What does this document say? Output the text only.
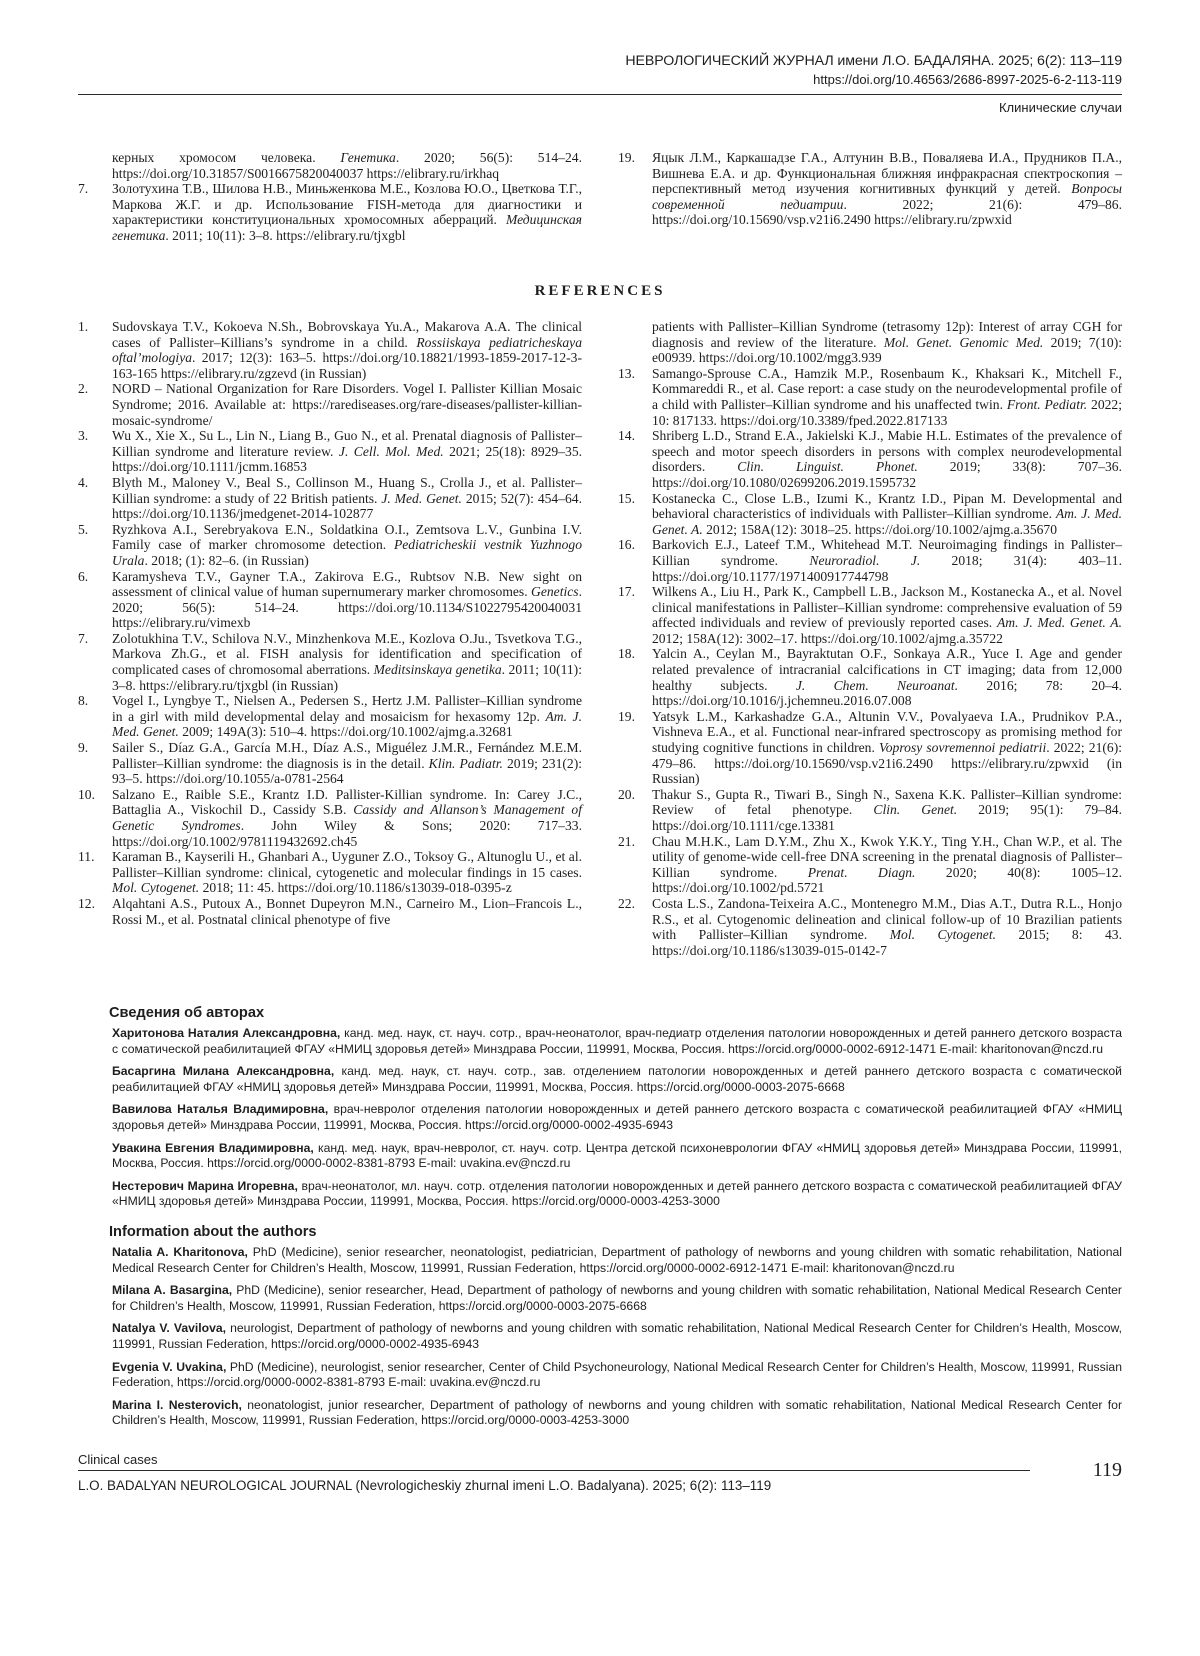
НЕВРОЛОГИЧЕСКИЙ ЖУРНАЛ имени Л.О. БАДАЛЯНА. 2025; 6(2): 113–119
https://doi.org/10.46563/2686-8997-2025-6-2-113-119
Клинические случаи
керных хромосом человека. Генетика. 2020; 56(5): 514–24. https://doi.org/10.31857/S0016675820040037 https://elibrary.ru/irkhaq
7.	Золотухина Т.В., Шилова Н.В., Миньженкова М.Е., Козлова Ю.О., Цветкова Т.Г., Маркова Ж.Г. и др. Использование FISH-метода для диагностики и характеристики конституциональных хромосомных аберраций. Медицинская генетика. 2011; 10(11): 3–8. https://elibrary.ru/tjxgbl
19.	Яцык Л.М., Каркашадзе Г.А., Алтунин В.В., Поваляева И.А., Прудников П.А., Вишнева Е.А. и др. Функциональная ближняя инфракрасная спектроскопия – перспективный метод изучения когнитивных функций у детей. Вопросы современной педиатрии. 2022; 21(6): 479–86. https://doi.org/10.15690/vsp.v21i6.2490 https://elibrary.ru/zpwxid
REFERENCES
1.	Sudovskaya T.V., Kokoeva N.Sh., Bobrovskaya Yu.A., Makarova A.A. The clinical cases of Pallister–Killians’s syndrome in a child. Rossiiskaya pediatricheskaya oftal’mologiya. 2017; 12(3): 163–5. https://doi.org/10.18821/1993-1859-2017-12-3-163-165 https://elibrary.ru/zgzevd (in Russian)
2.	NORD – National Organization for Rare Disorders. Vogel I. Pallister Killian Mosaic Syndrome; 2016. Available at: https://rarediseases.org/rare-diseases/pallister-killian-mosaic-syndrome/
3.	Wu X., Xie X., Su L., Lin N., Liang B., Guo N., et al. Prenatal diagnosis of Pallister–Killian syndrome and literature review. J. Cell. Mol. Med. 2021; 25(18): 8929–35. https://doi.org/10.1111/jcmm.16853
4.	Blyth M., Maloney V., Beal S., Collinson M., Huang S., Crolla J., et al. Pallister–Killian syndrome: a study of 22 British patients. J. Med. Genet. 2015; 52(7): 454–64. https://doi.org/10.1136/jmedgenet-2014-102877
5.	Ryzhkova A.I., Serebryakova E.N., Soldatkina O.I., Zemtsova L.V., Gunbina I.V. Family case of marker chromosome detection. Pediatricheskii vestnik Yuzhnogo Urala. 2018; (1): 82–6. (in Russian)
6.	Karamysheva T.V., Gayner T.A., Zakirova E.G., Rubtsov N.B. New sight on assessment of clinical value of human supernumerary marker chromosomes. Genetics. 2020; 56(5): 514–24. https://doi.org/10.1134/S1022795420040031 https://elibrary.ru/vimexb
7.	Zolotukhina T.V., Schilova N.V., Minzhenkova M.E., Kozlova O.Ju., Tsvetkova T.G., Markova Zh.G., et al. FISH analysis for identification and specification of complicated cases of chromosomal aberrations. Meditsinskaya genetika. 2011; 10(11): 3–8. https://elibrary.ru/tjxgbl (in Russian)
8.	Vogel I., Lyngbye T., Nielsen A., Pedersen S., Hertz J.M. Pallister–Killian syndrome in a girl with mild developmental delay and mosaicism for hexasomy 12p. Am. J. Med. Genet. 2009; 149A(3): 510–4. https://doi.org/10.1002/ajmg.a.32681
9.	Sailer S., Díaz G.A., García M.H., Díaz A.S., Miguélez J.M.R., Fernández M.E.M. Pallister–Killian syndrome: the diagnosis is in the detail. Klin. Padiatr. 2019; 231(2): 93–5. https://doi.org/10.1055/a-0781-2564
10.	Salzano E., Raible S.E., Krantz I.D. Pallister-Killian syndrome. In: Carey J.C., Battaglia A., Viskochil D., Cassidy S.B. Cassidy and Allanson’s Management of Genetic Syndromes. John Wiley & Sons; 2020: 717–33. https://doi.org/10.1002/9781119432692.ch45
11.	Karaman B., Kayserili H., Ghanbari A., Uyguner Z.O., Toksoy G., Altunoglu U., et al. Pallister–Killian syndrome: clinical, cytogenetic and molecular findings in 15 cases. Mol. Cytogenet. 2018; 11: 45. https://doi.org/10.1186/s13039-018-0395-z
12.	Alqahtani A.S., Putoux A., Bonnet Dupeyron M.N., Carneiro M., Lion–Francois L., Rossi M., et al. Postnatal clinical phenotype of five
patients with Pallister–Killian Syndrome (tetrasomy 12p): Interest of array CGH for diagnosis and review of the literature. Mol. Genet. Genomic Med. 2019; 7(10): e00939. https://doi.org/10.1002/mgg3.939
13.	Samango-Sprouse C.A., Hamzik M.P., Rosenbaum K., Khaksari K., Mitchell F., Kommareddi R., et al. Case report: a case study on the neurodevelopmental profile of a child with Pallister–Killian syndrome and his unaffected twin. Front. Pediatr. 2022; 10: 817133. https://doi.org/10.3389/fped.2022.817133
14.	Shriberg L.D., Strand E.A., Jakielski K.J., Mabie H.L. Estimates of the prevalence of speech and motor speech disorders in persons with complex neurodevelopmental disorders. Clin. Linguist. Phonet. 2019; 33(8): 707–36. https://doi.org/10.1080/02699206.2019.1595732
15.	Kostanecka C., Close L.B., Izumi K., Krantz I.D., Pipan M. Developmental and behavioral characteristics of individuals with Pallister–Killian syndrome. Am. J. Med. Genet. A. 2012; 158A(12): 3018–25. https://doi.org/10.1002/ajmg.a.35670
16.	Barkovich E.J., Lateef T.M., Whitehead M.T. Neuroimaging findings in Pallister–Killian syndrome. Neuroradiol. J. 2018; 31(4): 403–11. https://doi.org/10.1177/1971400917744798
17.	Wilkens A., Liu H., Park K., Campbell L.B., Jackson M., Kostanecka A., et al. Novel clinical manifestations in Pallister–Killian syndrome: comprehensive evaluation of 59 affected individuals and review of previously reported cases. Am. J. Med. Genet. A. 2012; 158A(12): 3002–17. https://doi.org/10.1002/ajmg.a.35722
18.	Yalcin A., Ceylan M., Bayraktutan O.F., Sonkaya A.R., Yuce I. Age and gender related prevalence of intracranial calcifications in CT imaging; data from 12,000 healthy subjects. J. Chem. Neuroanat. 2016; 78: 20–4. https://doi.org/10.1016/j.jchemneu.2016.07.008
19.	Yatsyk L.M., Karkashadze G.A., Altunin V.V., Povalyaeva I.A., Prudnikov P.A., Vishneva E.A., et al. Functional near-infrared spectroscopy as promising method for studying cognitive functions in children. Voprosy sovremennoi pediatrii. 2022; 21(6): 479–86. https://doi.org/10.15690/vsp.v21i6.2490 https://elibrary.ru/zpwxid (in Russian)
20.	Thakur S., Gupta R., Tiwari B., Singh N., Saxena K.K. Pallister–Killian syndrome: Review of fetal phenotype. Clin. Genet. 2019; 95(1): 79–84. https://doi.org/10.1111/cge.13381
21.	Chau M.H.K., Lam D.Y.M., Zhu X., Kwok Y.K.Y., Ting Y.H., Chan W.P., et al. The utility of genome-wide cell-free DNA screening in the prenatal diagnosis of Pallister–Killian syndrome. Prenat. Diagn. 2020; 40(8): 1005–12. https://doi.org/10.1002/pd.5721
22.	Costa L.S., Zandona-Teixeira A.C., Montenegro M.M., Dias A.T., Dutra R.L., Honjo R.S., et al. Cytogenomic delineation and clinical follow-up of 10 Brazilian patients with Pallister–Killian syndrome. Mol. Cytogenet. 2015; 8: 43. https://doi.org/10.1186/s13039-015-0142-7
Сведения об авторах
Харитонова Наталия Александровна, канд. мед. наук, ст. науч. сотр., врач-неонатолог, врач-педиатр отделения патологии новорожденных и детей раннего детского возраста с соматической реабилитацией ФГАУ «НМИЦ здоровья детей» Минздрава России, 119991, Москва, Россия. https://orcid.org/0000-0002-6912-1471 E-mail: kharitonovan@nczd.ru
Басаргина Милана Александровна, канд. мед. наук, ст. науч. сотр., зав. отделением патологии новорожденных и детей раннего детского возраста с соматической реабилитацией ФГАУ «НМИЦ здоровья детей» Минздрава России, 119991, Москва, Россия. https://orcid.org/0000-0003-2075-6668
Вавилова Наталья Владимировна, врач-невролог отделения патологии новорожденных и детей раннего детского возраста с соматической реабилитацией ФГАУ «НМИЦ здоровья детей» Минздрава России, 119991, Москва, Россия. https://orcid.org/0000-0002-4935-6943
Увакина Евгения Владимировна, канд. мед. наук, врач-невролог, ст. науч. сотр. Центра детской психоневрологии ФГАУ «НМИЦ здоровья детей» Минздрава России, 119991, Москва, Россия. https://orcid.org/0000-0002-8381-8793 E-mail: uvakina.ev@nczd.ru
Нестерович Марина Игоревна, врач-неонатолог, мл. науч. сотр. отделения патологии новорожденных и детей раннего детского возраста с соматической реабилитацией ФГАУ «НМИЦ здоровья детей» Минздрава России, 119991, Москва, Россия. https://orcid.org/0000-0003-4253-3000
Information about the authors
Natalia A. Kharitonova, PhD (Medicine), senior researcher, neonatologist, pediatrician, Department of pathology of newborns and young children with somatic rehabilitation, National Medical Research Center for Children’s Health, Moscow, 119991, Russian Federation, https://orcid.org/0000-0002-6912-1471 E-mail: kharitonovan@nczd.ru
Milana A. Basargina, PhD (Medicine), senior researcher, Head, Department of pathology of newborns and young children with somatic rehabilitation, National Medical Research Center for Children’s Health, Moscow, 119991, Russian Federation, https://orcid.org/0000-0003-2075-6668
Natalya V. Vavilova, neurologist, Department of pathology of newborns and young children with somatic rehabilitation, National Medical Research Center for Children’s Health, Moscow, 119991, Russian Federation, https://orcid.org/0000-0002-4935-6943
Evgenia V. Uvakina, PhD (Medicine), neurologist, senior researcher, Center of Child Psychoneurology, National Medical Research Center for Children’s Health, Moscow, 119991, Russian Federation, https://orcid.org/0000-0002-8381-8793 E-mail: uvakina.ev@nczd.ru
Marina I. Nesterovich, neonatologist, junior researcher, Department of pathology of newborns and young children with somatic rehabilitation, National Medical Research Center for Children’s Health, Moscow, 119991, Russian Federation, https://orcid.org/0000-0003-4253-3000
Clinical cases	119
L.O. BADALYAN NEUROLOGICAL JOURNAL (Nevrologicheskiy zhurnal imeni L.O. Badalyana). 2025; 6(2): 113–119
